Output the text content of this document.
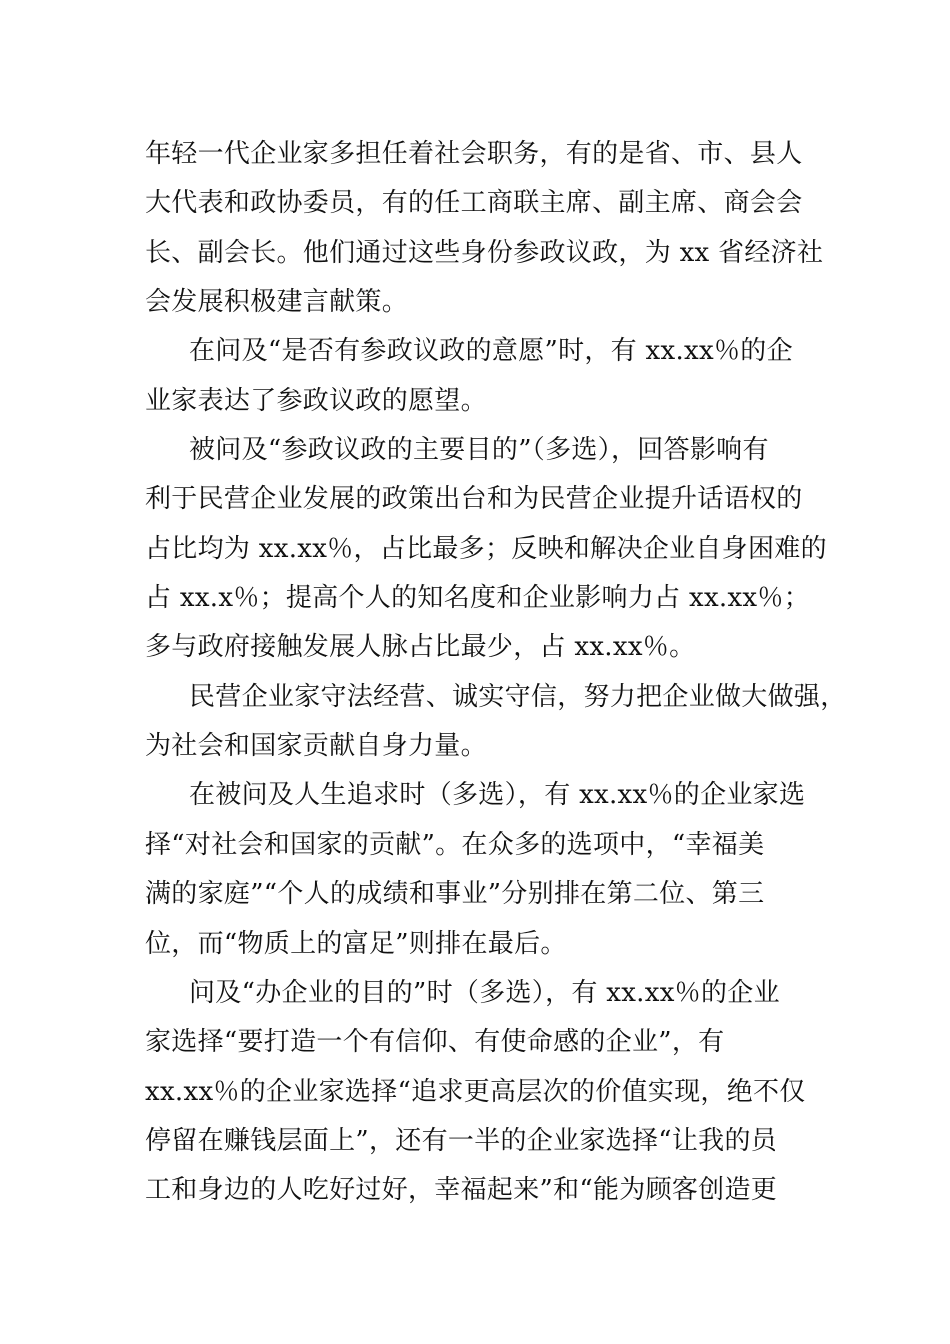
年轻一代企业家多担任着社会职务，有的是省、市、县人
大代表和政协委员，有的任工商联主席、副主席、商会会
长、副会长。他们通过这些身份参政议政，为 xx 省经济社
会发展积极建言献策。
在问及“是否有参政议政的意愿”时，有 xx.xx％的企
业家表达了参政议政的愿望。
被问及“参政议政的主要目的”（多选），回答影响有
利于民营企业发展的政策出台和为民营企业提升话语权的
占比均为 xx.xx％，占比最多；反映和解决企业自身困难的
占 xx.x％；提高个人的知名度和企业影响力占 xx.xx％；
多与政府接触发展人脉占比最少，占 xx.xx％。
民营企业家守法经营、诚实守信，努力把企业做大做强，
为社会和国家贡献自身力量。
在被问及人生追求时（多选），有 xx.xx％的企业家选
择“对社会和国家的贡献”。在众多的选项中，“幸福美
满的家庭”“个人的成绩和事业”分别排在第二位、第三
位，而“物质上的富足”则排在最后。
问及“办企业的目的”时（多选），有 xx.xx％的企业
家选择“要打造一个有信仰、有使命感的企业”，有
xx.xx％的企业家选择“追求更高层次的价值实现，绝不仅
停留在赚钱层面上”，还有一半的企业家选择“让我的员
工和身边的人吃好过好，幸福起来”和“能为顾客创造更
